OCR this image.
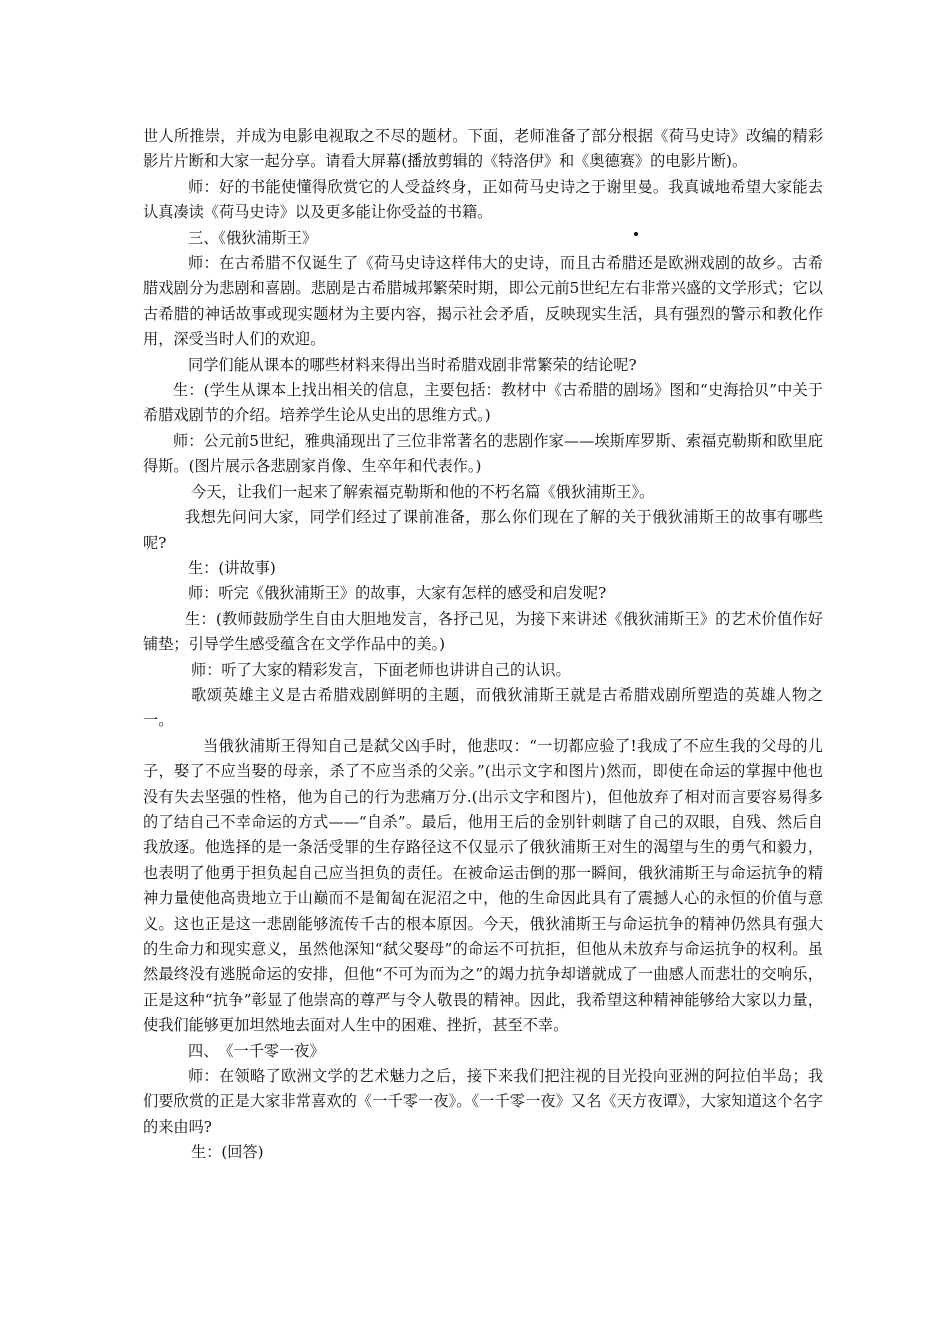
世人所推崇，并成为电影电视取之不尽的题材。下面，老师准备了部分根据《荷马史诗》改编的精彩影片片断和大家一起分享。请看大屏幕(播放剪辑的《特洛伊》和《奥德赛》的电影片断)。

师：好的书能使懂得欣赏它的人受益终身，正如荷马史诗之于谢里曼。我真诚地希望大家能去认真凑读《荷马史诗》以及更多能让你受益的书籍。

三、《俄狄浦斯王》

师：在古希腊不仅诞生了《荷马史诗这样伟大的史诗，而且古希腊还是欧洲戏剧的故乡。古希腊戏剧分为悲剧和喜剧。悲剧是古希腊城邦繁荣时期，即公元前5世纪左右非常兴盛的文学形式；它以古希腊的神话故事或现实题材为主要内容，揭示社会矛盾，反映现实生活，具有强烈的警示和教化作用，深受当时人们的欢迎。

同学们能从课本的哪些材料来得出当时希腊戏剧非常繁荣的结论呢?

生：(学生从课本上找出相关的信息，主要包括：教材中《古希腊的剧场》图和“史海拾贝”中关于希腊戏剧节的介绍。培养学生论从史出的思维方式。)

师：公元前5世纪，雅典涌现出了三位非常著名的悲剧作家——埃斯库罗斯、索福克勒斯和欧里庇得斯。(图片展示各悲剧家肖像、生卒年和代表作。)

今天，让我们一起来了解索福克勒斯和他的不朽名篇《俄狄浦斯王》。

我想先问问大家，同学们经过了课前准备，那么你们现在了解的关于俄狄浦斯王的故事有哪些呢?

生：(讲故事)

师：听完《俄狄浦斯王》的故事，大家有怎样的感受和启发呢?

生：(教师鼓励学生自由大胆地发言，各抒己见，为接下来讲述《俄狄浦斯王》的艺术价值作好铺垫；引导学生感受蕴含在文学作品中的美。)

师：听了大家的精彩发言，下面老师也讲讲自己的认识。

歌颂英雄主义是古希腊戏剧鲜明的主题，而俄狄浦斯王就是古希腊戏剧所塑造的英雄人物之一。

当俄狄浦斯王得知自己是弑父凶手时，他悲叹：“一切都应验了!我成了不应生我的父母的儿子，娶了不应当娶的母亲，杀了不应当杀的父亲。”(出示文字和图片)然而，即使在命运的掌握中他也没有失去坚强的性格，他为自己的行为悲痛万分.(出示文字和图片)，但他放弃了相对而言要容易得多的了结自己不幸命运的方式——“自杀”。最后，他用王后的金别针刺瞎了自己的双眼，自残、然后自我放逐。他选择的是一条活受罪的生存路径这不仅显示了俄狄浦斯王对生的渴望与生的勇气和毅力，也表明了他勇于担负起自己应当担负的责任。在被命运击倒的那一瞬间，俄狄浦斯王与命运抗争的精神力量使他高贵地立于山巅而不是匍匐在泥沼之中，他的生命因此具有了震撼人心的永恒的价值与意义。这也正是这一悲剧能够流传千古的根本原因。今天，俄狄浦斯王与命运抗争的精神仍然具有强大的生命力和现实意义，虽然他深知“弑父娶母”的命运不可抗拒，但他从未放弃与命运抗争的权利。虽然最终没有逃脱命运的安排，但他“不可为而为之”的竭力抗争却谱就成了一曲感人而悲壮的交响乐，正是这种“抗争”彰显了他崇高的尊严与令人敬畏的精神。因此，我希望这种精神能够给大家以力量，使我们能够更加坦然地去面对人生中的困难、挫折，甚至不幸。

四、　《一千零一夜》

师：在领略了欧洲文学的艺术魅力之后，接下来我们把注视的目光投向亚洲的阿拉伯半岛；我们要欣赏的正是大家非常喜欢的《一千零一夜》。《一千零一夜》又名《天方夜谭》，大家知道这个名字的来由吗?

生：(回答)
